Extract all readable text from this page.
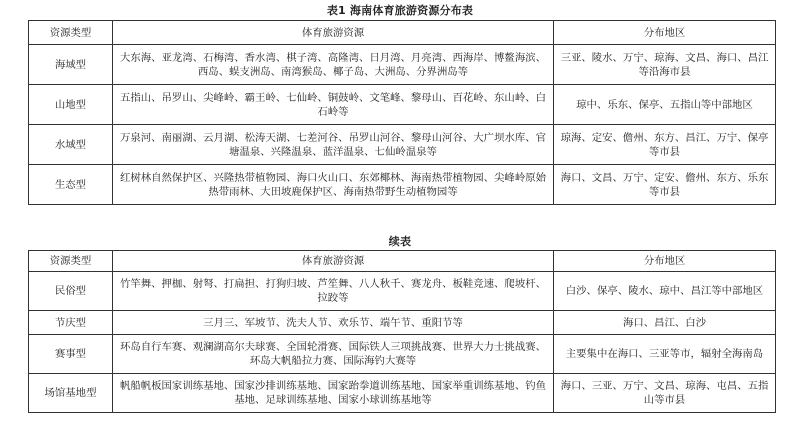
表1 海南体育旅游资源分布表
资源类型	体育旅游资源	分布地区
海域型	大东海、亚龙湾、石梅湾、香水湾、棋子湾、高隆湾、日月湾、月亮湾、西海岸、博鳌海滨、西岛、蜈支洲岛、南湾猴岛、椰子岛、大洲岛、分界洲岛等	三亚、陵水、万宁、琼海、文昌、海口、昌江等沿海市县
山地型	五指山、吊罗山、尖峰岭、霸王岭、七仙岭、铜鼓岭、文笔峰、黎母山、百花岭、东山岭、白石岭等	琼中、乐东、保亭、五指山等中部地区
水域型	万泉河、南丽湖、云月湖、松涛天湖、七差河谷、吊罗山河谷、黎母山河谷、大广坝水库、官塘温泉、兴隆温泉、蓝洋温泉、七仙岭温泉等	琼海、定安、儋州、东方、昌江、万宁、保亭等市县
生态型	红树林自然保护区、兴隆热带植物园、海口火山口、东郊椰林、海南热带植物园、尖峰岭原始热带雨林、大田坡鹿保护区、海南热带野生动植物园等	海口、文昌、万宁、定安、儋州、东方、乐东等市县
续表
资源类型	体育旅游资源	分布地区
民俗型	竹竿舞、押枷、射弩、打扁担、打狗归坡、芦笙舞、八人秋千、赛龙舟、板鞋竞速、爬坡杆、拉跤等	白沙、保亭、陵水、琼中、昌江等中部地区
节庆型	三月三、军坡节、洗夫人节、欢乐节、端午节、重阳节等	海口、昌江、白沙
赛事型	环岛自行车赛、观澜湖高尔夫球赛、全国轮滑赛、国际铁人三项挑战赛、世界大力士挑战赛、环岛大帆船拉力赛、国际海钓大赛等	主要集中在海口、三亚等市，辐射全海南岛
场馆基地型	帆船帆板国家训练基地、国家沙排训练基地、国家跆拳道训练基地、国家举重训练基地、钓鱼基地、足球训练基地、国家小球训练基地等	海口、三亚、万宁、文昌、琼海、屯昌、五指山等市县
